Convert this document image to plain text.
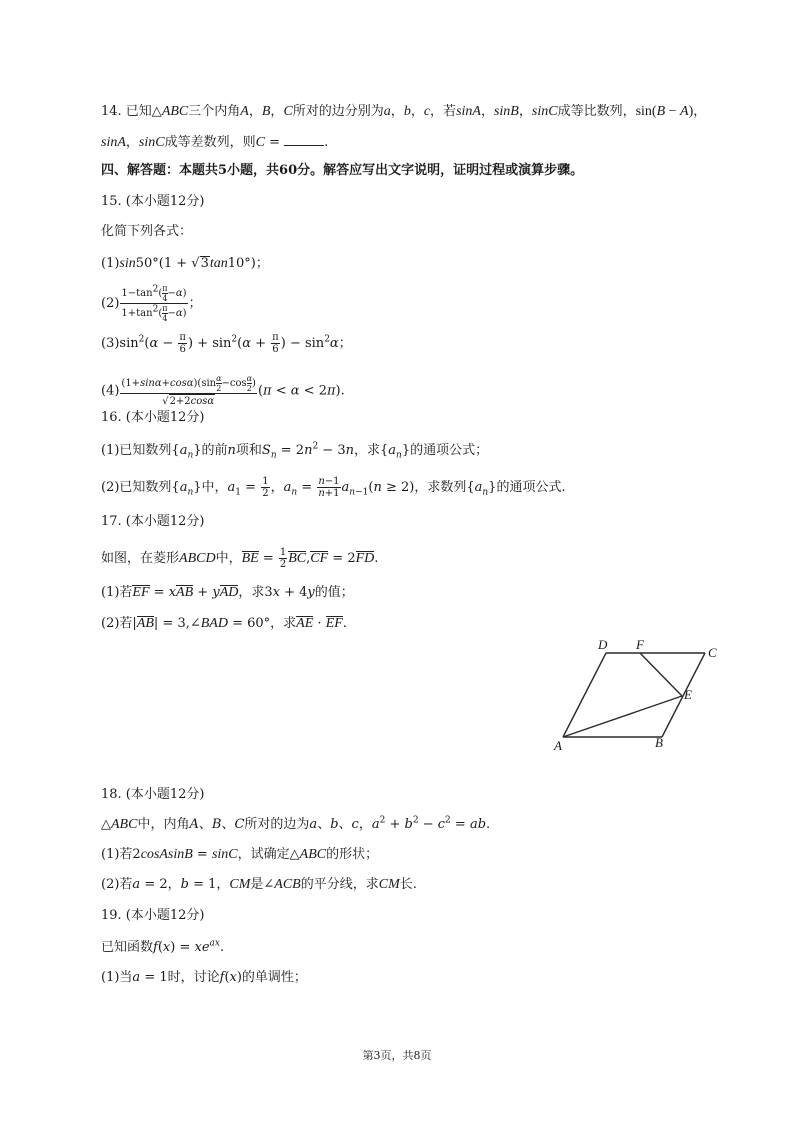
14. 已知△ABC三个内角A，B，C所对的边分别为a，b，c，若sinA，sinB，sinC成等比数列，sin(B − A)，
sinA，sinC成等差数列，则C =	.
四、解答题：本题共5小题，共60分。解答应写出文字说明，证明过程或演算步骤。
15. (本小题12分)
化简下列各式：
(1)sin50°(1 + √3tan10°)；
$(2) \frac{1-\tan^2( \frac{\pi}{4} -\alpha)}{1+\tan^2( \frac{\pi}{4} -\alpha)}$ ；
$(3)\sin^2(\alpha - \frac{\pi}{6}$ ) + $\sin^2(\alpha + \frac{\pi}{6}$ ) − $\sin^2\alpha$；
$(4) \frac{(1+\sin\alpha+\cos\alpha)(\sin \frac{\alpha}{2} -\cos \frac{\alpha}{2} )}{√2+2\cos\alpha} (\pi < \alpha < 2\pi)$.
16. (本小题12分)
(1)已知数列$\{a_n\}$的前n项和$S_n = 2n^2 - 3n$，求$\{a_n\}$的通项公式；
(2)已知数列$\{a_n\}$中，$a_1 = \frac{1}{2}$ ，$a_n = \frac{n-1}{n+1} a_{n-1}(n \ge 2)$，求数列$\{a_n\}$的通项公式.
17. (本小题12分)
如图，在菱形ABCD中，BE = $\frac{1}{2} BC,CF = 2FD$.
(1)若EF = xAB + yAD，求3x + 4y的值；
(2)若|AB| = 3,∠BAD = 60°，求AE · EF.
D F
C
E
A	B
18. (本小题12分)
△ABC中，内角A、B、C所对的边为a、b、c，$a^2 + b^2 - c^2$ = ab.
(1)若2cosAsinB = sinC，试确定△ABC的形状；
(2)若a = 2，b = 1，CM是∠ACB的平分线，求CM长.
19. (本小题12分)
已知函数$f(x) = xe^{ax}$.
(1)当a = 1时，讨论f(x)的单调性；
第3页，共8页
